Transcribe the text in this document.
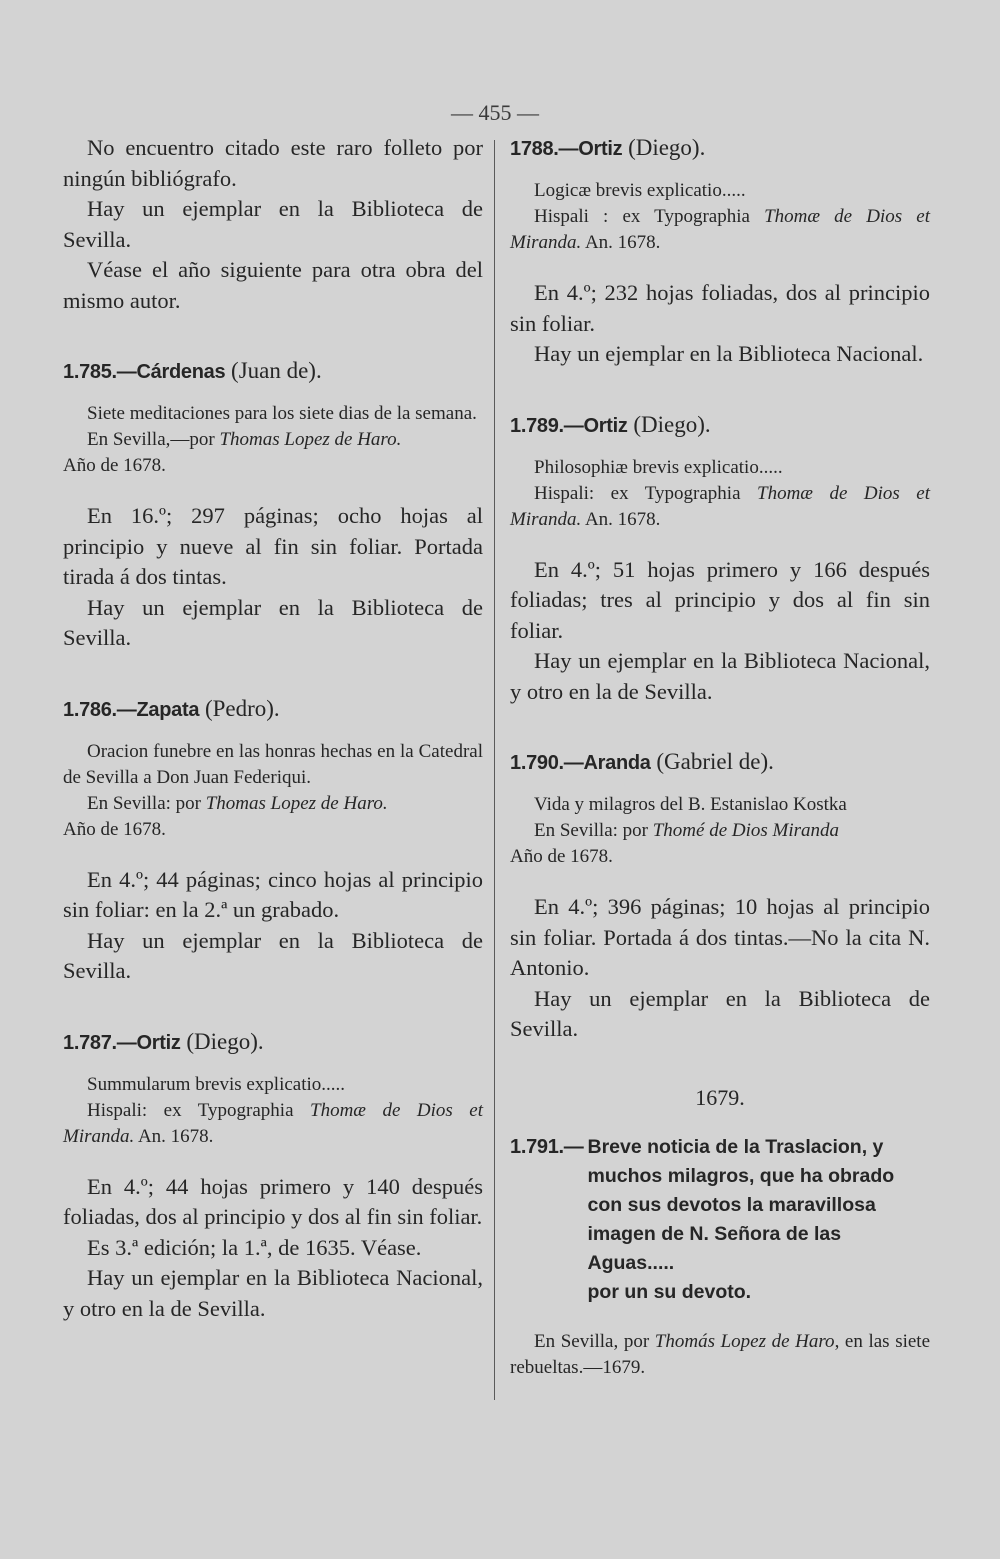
— 455 —

No encuentro citado este raro folleto por ningún bibliógrafo.

Hay un ejemplar en la Biblioteca de Sevilla.

Véase el año siguiente para otra obra del mismo autor.

1.785.—Cárdenas (Juan de).

Siete meditaciones para los siete dias de la semana.

En Sevilla,—por Thomas Lopez de Haro.

Año de 1678.

En 16.º; 297 páginas; ocho hojas al principio y nueve al fin sin foliar. Portada tirada á dos tintas.

Hay un ejemplar en la Biblioteca de Sevilla.

1.786.—Zapata (Pedro).

Oracion funebre en las honras hechas en la Catedral de Sevilla a Don Juan Federiqui.

En Sevilla: por Thomas Lopez de Haro.

Año de 1678.

En 4.º; 44 páginas; cinco hojas al principio sin foliar: en la 2.ª un grabado.

Hay un ejemplar en la Biblioteca de Sevilla.

1.787.—Ortiz (Diego).

Summularum brevis explicatio.....

Hispali: ex Typographia Thomæ de Dios et Miranda. An. 1678.

En 4.º; 44 hojas primero y 140 después foliadas, dos al principio y dos al fin sin foliar.

Es 3.ª edición; la 1.ª, de 1635. Véase.

Hay un ejemplar en la Biblioteca Nacional, y otro en la de Sevilla.

1788.—Ortiz (Diego).

Logicæ brevis explicatio.....

Hispali : ex Typographia Thomæ de Dios et Miranda. An. 1678.

En 4.º; 232 hojas foliadas, dos al principio sin foliar.

Hay un ejemplar en la Biblioteca Nacional.

1.789.—Ortiz (Diego).

Philosophiæ brevis explicatio.....

Hispali: ex Typographia Thomæ de Dios et Miranda. An. 1678.

En 4.º; 51 hojas primero y 166 después foliadas; tres al principio y dos al fin sin foliar.

Hay un ejemplar en la Biblioteca Nacional, y otro en la de Sevilla.

1.790.—Aranda (Gabriel de).

Vida y milagros del B. Estanislao Kostka

En Sevilla: por Thomé de Dios Miranda

Año de 1678.

En 4.º; 396 páginas; 10 hojas al principio sin foliar. Portada á dos tintas.—No la cita N. Antonio.

Hay un ejemplar en la Biblioteca de Sevilla.

1679.

1.791.— Breve noticia de la Traslacion, y
muchos milagros, que ha obrado
con sus devotos la maravillosa
imagen de N. Señora de las Aguas.....
por un su devoto.

En Sevilla, por Thomás Lopez de Haro, en las siete rebueltas.—1679.
